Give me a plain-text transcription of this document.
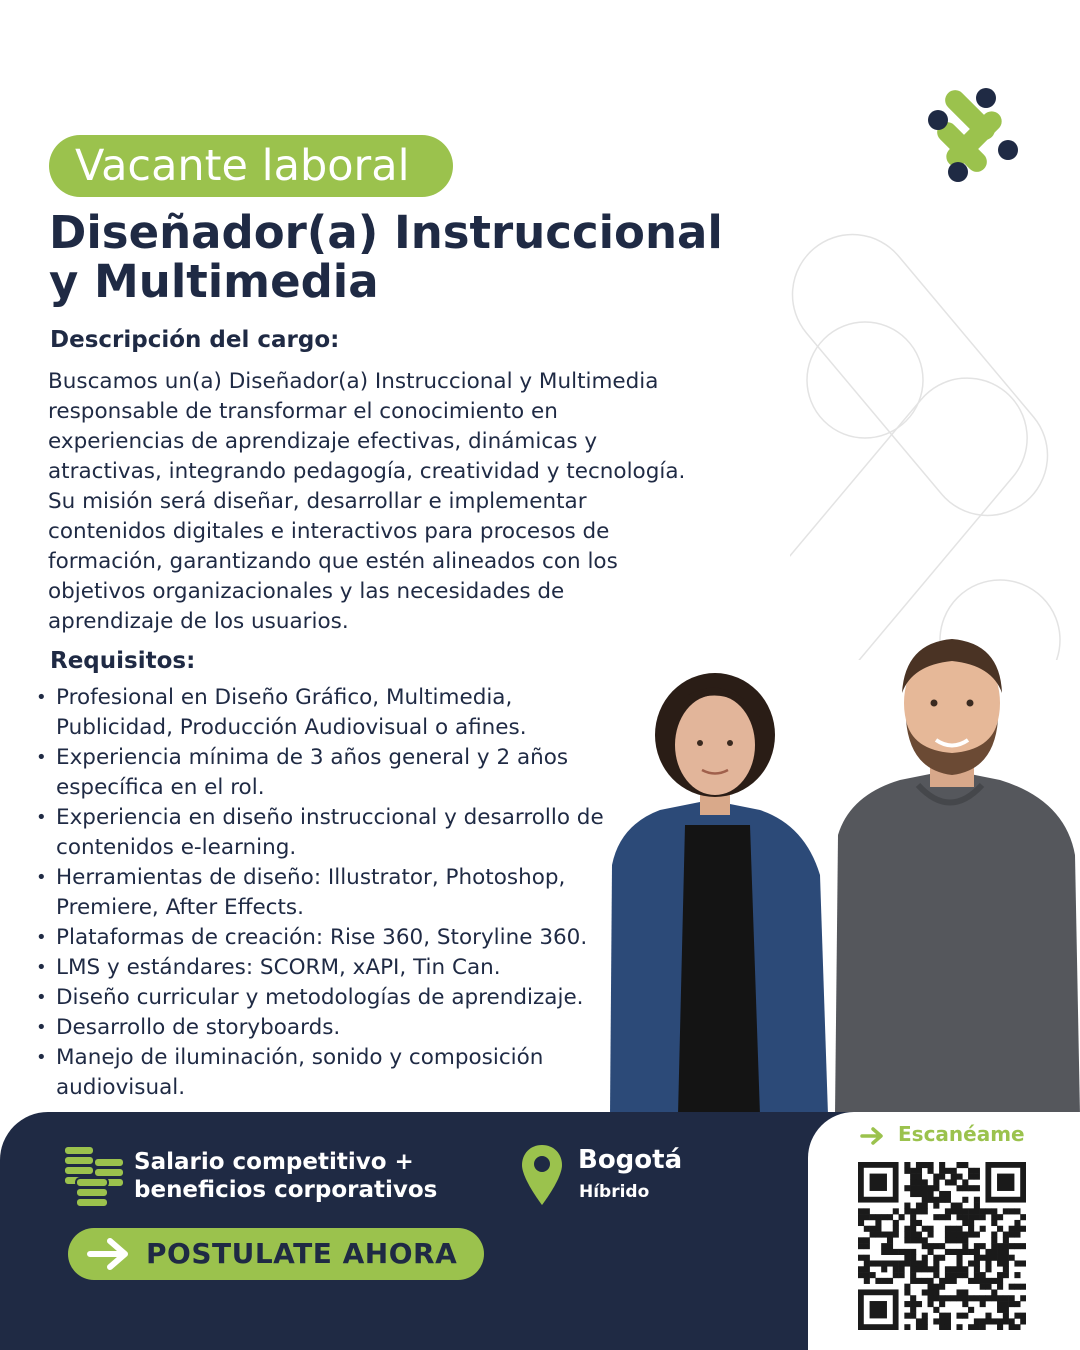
Vacante laboral
Diseñador(a) Instruccional
y Multimedia
Descripción del cargo:

Buscamos un(a) Diseñador(a) Instruccional y Multimedia responsable de transformar el conocimiento en experiencias de aprendizaje efectivas, dinámicas y atractivas, integrando pedagogía, creatividad y tecnología. Su misión será diseñar, desarrollar e implementar contenidos digitales e interactivos para procesos de formación, garantizando que estén alineados con los objetivos organizacionales y las necesidades de aprendizaje de los usuarios.

Requisitos:
• Profesional en Diseño Gráfico, Multimedia, Publicidad, Producción Audiovisual o afines.
• Experiencia mínima de 3 años general y 2 años específica en el rol.
• Experiencia en diseño instruccional y desarrollo de contenidos e-learning.
• Herramientas de diseño: Illustrator, Photoshop, Premiere, After Effects.
• Plataformas de creación: Rise 360, Storyline 360.
• LMS y estándares: SCORM, xAPI, Tin Can.
• Diseño curricular y metodologías de aprendizaje.
• Desarrollo de storyboards.
• Manejo de iluminación, sonido y composición audiovisual.
Salario competitivo + beneficios corporativos
Bogotá
Híbrido
POSTULATE AHORA
Escanéame
